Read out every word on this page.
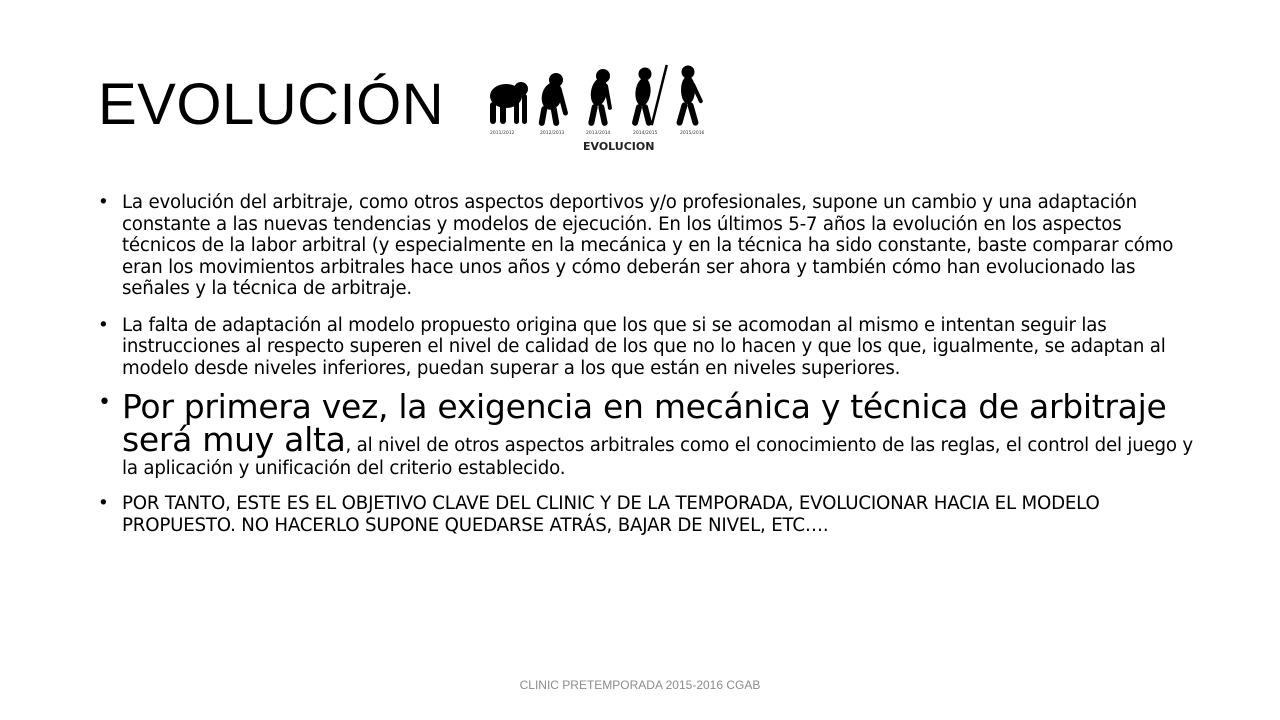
EVOLUCIÓN	2011/2012	2012/2013	2013/2014	2014/2015	2015/2016
EVOLUCION
• La evolución del arbitraje, como otros aspectos deportivos y/o profesionales, supone un cambio y una adaptación constante a las nuevas tendencias y modelos de ejecución. En los últimos 5-7 años la evolución en los aspectos técnicos de la labor arbitral (y especialmente en la mecánica y en la técnica ha sido constante, baste comparar cómo eran los movimientos arbitrales hace unos años y cómo deberán ser ahora y también cómo han evolucionado las señales y la técnica de arbitraje.
• La falta de adaptación al modelo propuesto origina que los que si se acomodan al mismo e intentan seguir las instrucciones al respecto superen el nivel de calidad de los que no lo hacen y que los que, igualmente, se adaptan al modelo desde niveles inferiores, puedan superar a los que están en niveles superiores.
• Por primera vez, la exigencia en mecánica y técnica de arbitraje será muy alta, al nivel de otros aspectos arbitrales como el conocimiento de las reglas, el control del juego y la aplicación y unificación del criterio establecido.
• POR TANTO, ESTE ES EL OBJETIVO CLAVE DEL CLINIC Y DE LA TEMPORADA, EVOLUCIONAR HACIA EL MODELO PROPUESTO. NO HACERLO SUPONE QUEDARSE ATRÁS, BAJAR DE NIVEL, ETC….
CLINIC PRETEMPORADA 2015-2016 CGAB
